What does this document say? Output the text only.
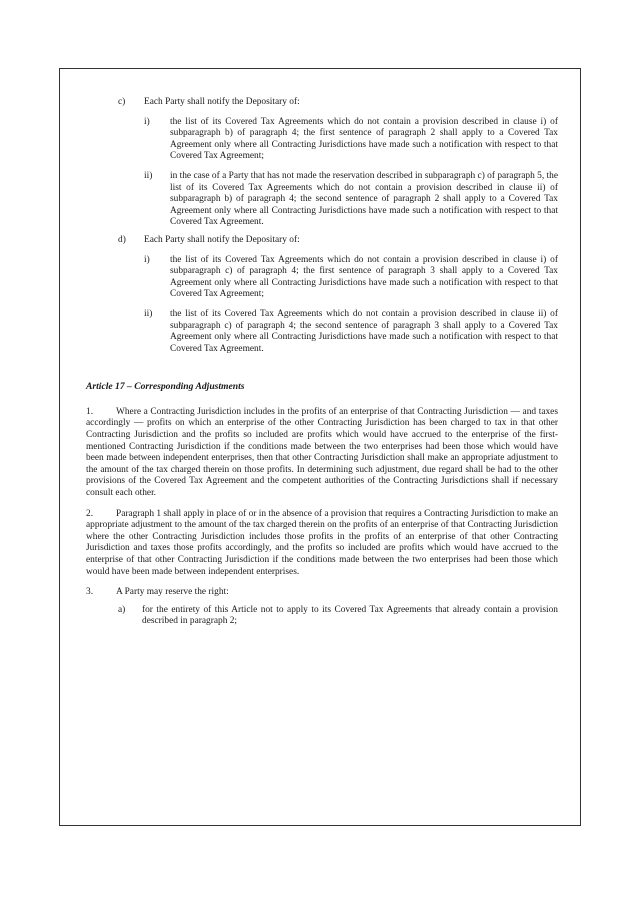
c)	Each Party shall notify the Depositary of:
i)	the list of its Covered Tax Agreements which do not contain a provision described in clause i) of subparagraph b) of paragraph 4; the first sentence of paragraph 2 shall apply to a Covered Tax Agreement only where all Contracting Jurisdictions have made such a notification with respect to that Covered Tax Agreement;
ii)	in the case of a Party that has not made the reservation described in subparagraph c) of paragraph 5, the list of its Covered Tax Agreements which do not contain a provision described in clause ii) of subparagraph b) of paragraph 4; the second sentence of paragraph 2 shall apply to a Covered Tax Agreement only where all Contracting Jurisdictions have made such a notification with respect to that Covered Tax Agreement.
d)	Each Party shall notify the Depositary of:
i)	the list of its Covered Tax Agreements which do not contain a provision described in clause i) of subparagraph c) of paragraph 4; the first sentence of paragraph 3 shall apply to a Covered Tax Agreement only where all Contracting Jurisdictions have made such a notification with respect to that Covered Tax Agreement;
ii)	the list of its Covered Tax Agreements which do not contain a provision described in clause ii) of subparagraph c) of paragraph 4; the second sentence of paragraph 3 shall apply to a Covered Tax Agreement only where all Contracting Jurisdictions have made such a notification with respect to that Covered Tax Agreement.
Article 17 – Corresponding Adjustments
1. Where a Contracting Jurisdiction includes in the profits of an enterprise of that Contracting Jurisdiction — and taxes accordingly — profits on which an enterprise of the other Contracting Jurisdiction has been charged to tax in that other Contracting Jurisdiction and the profits so included are profits which would have accrued to the enterprise of the first-mentioned Contracting Jurisdiction if the conditions made between the two enterprises had been those which would have been made between independent enterprises, then that other Contracting Jurisdiction shall make an appropriate adjustment to the amount of the tax charged therein on those profits. In determining such adjustment, due regard shall be had to the other provisions of the Covered Tax Agreement and the competent authorities of the Contracting Jurisdictions shall if necessary consult each other.
2. Paragraph 1 shall apply in place of or in the absence of a provision that requires a Contracting Jurisdiction to make an appropriate adjustment to the amount of the tax charged therein on the profits of an enterprise of that Contracting Jurisdiction where the other Contracting Jurisdiction includes those profits in the profits of an enterprise of that other Contracting Jurisdiction and taxes those profits accordingly, and the profits so included are profits which would have accrued to the enterprise of that other Contracting Jurisdiction if the conditions made between the two enterprises had been those which would have been made between independent enterprises.
3. A Party may reserve the right:
a)	for the entirety of this Article not to apply to its Covered Tax Agreements that already contain a provision described in paragraph 2;
